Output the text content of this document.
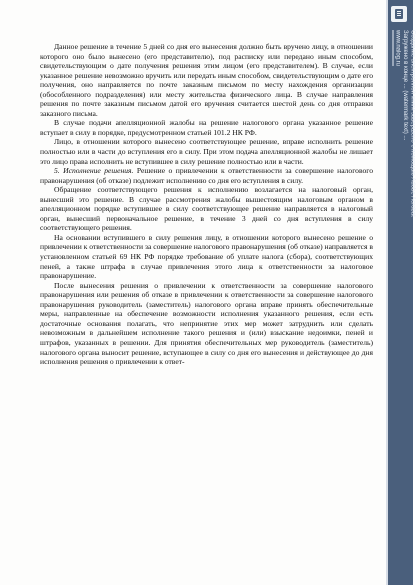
Данное решение в течение 5 дней со дня его вынесения должно быть вручено лицу, в отношении которого оно было вынесено (его представителю), под расписку или передано иным способом, свидетельствующим о дате получения решения этим лицом (его представителем). В случае, если указанное решение невозможно вручить или передать иным способом, свидетельствующим о дате его получения, оно направляется по почте заказным письмом по месту нахождения организации (обособленного подразделения) или месту жительства физического лица. В случае направления решения по почте заказным письмом датой его вручения считается шестой день со дня отправки заказного письма.

В случае подачи апелляционной жалобы на решение налогового органа указанное решение вступает в силу в порядке, предусмотренном статьей 101.2 НК РФ.

Лицо, в отношении которого вынесено соответствующее решение, вправе исполнить решение полностью или в части до вступления его в силу. При этом подача апелляционной жалобы не лишает это лицо права исполнить не вступившее в силу решение полностью или в части.

5. Исполнение решения. Решение о привлечении к ответственности за совершение налогового правонарушения (об отказе) подлежит исполнению со дня его вступления в силу.

Обращение соответствующего решения к исполнению возлагается на налоговый орган, вынесший это решение. В случае рассмотрения жалобы вышестоящим налоговым органом в апелляционном порядке вступившее в силу соответствующее решение направляется в налоговый орган, вынесший первоначальное решение, в течение 3 дней со дня вступления в силу соответствующего решения.

На основании вступившего в силу решения лицу, в отношении которого вынесено решение о привлечении к ответственности за совершение налогового правонарушения (об отказе) направляется в установленном статьей 69 НК РФ порядке требование об уплате налога (сбора), соответствующих пеней, а также штрафа в случае привлечения этого лица к ответственности за налоговое правонарушение.

После вынесения решения о привлечении к ответственности за совершение налогового правонарушения или решения об отказе в привлечении к ответственности за совершение налогового правонарушения руководитель (заместитель) налогового органа вправе принять обеспечительные меры, направленные на обеспечение возможности исполнения указанного решения, если есть достаточные основания полагать, что непринятие этих мер может затруднить или сделать невозможным в дальнейшем исполнение такого решения и (или) взыскание недоимки, пеней и штрафов, указанных в решении. Для принятия обеспечительных мер руководитель (заместитель) налогового органа выносит решение, вступающее в силу со дня его вынесения и действующее до дня исполнения решения о привлечении к ответ-

Создание электронной книги завершено с помощью Adobe Acrobat
Загружено в конце ... (watermark text) ...
www.nalog.ru
